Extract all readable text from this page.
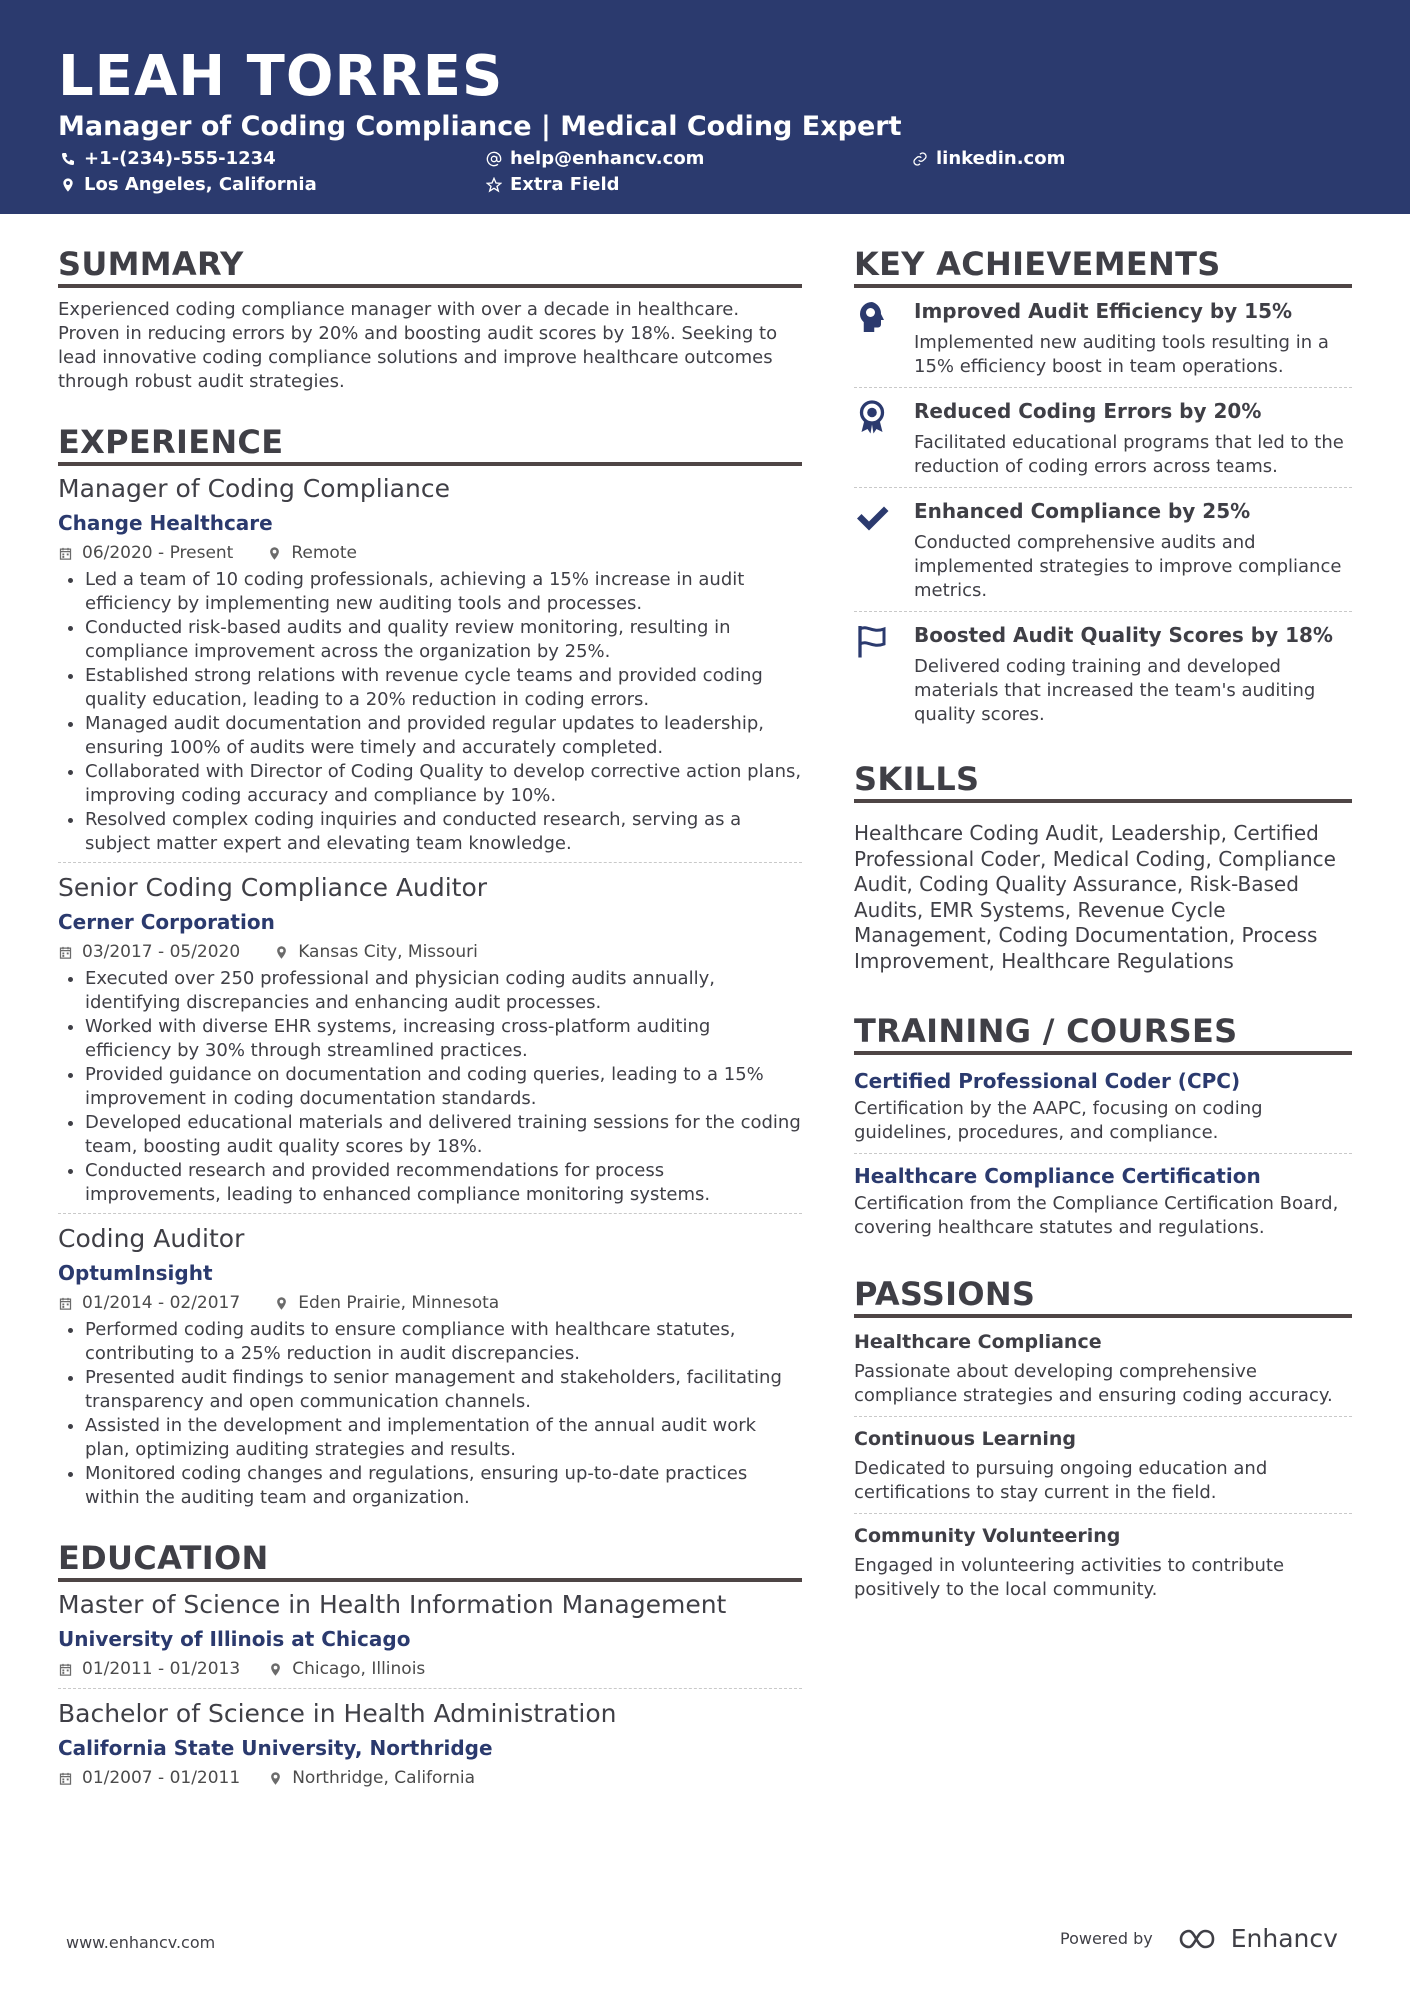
LEAH TORRES
Manager of Coding Compliance | Medical Coding Expert
+1-(234)-555-1234	help@enhancv.com	linkedin.com
Los Angeles, California	Extra Field
SUMMARY
Experienced coding compliance manager with over a decade in healthcare. Proven in reducing errors by 20% and boosting audit scores by 18%. Seeking to lead innovative coding compliance solutions and improve healthcare outcomes through robust audit strategies.
EXPERIENCE
Manager of Coding Compliance
Change Healthcare
06/2020 - Present	Remote
• Led a team of 10 coding professionals, achieving a 15% increase in audit efficiency by implementing new auditing tools and processes.
• Conducted risk-based audits and quality review monitoring, resulting in compliance improvement across the organization by 25%.
• Established strong relations with revenue cycle teams and provided coding quality education, leading to a 20% reduction in coding errors.
• Managed audit documentation and provided regular updates to leadership, ensuring 100% of audits were timely and accurately completed.
• Collaborated with Director of Coding Quality to develop corrective action plans, improving coding accuracy and compliance by 10%.
• Resolved complex coding inquiries and conducted research, serving as a subject matter expert and elevating team knowledge.
Senior Coding Compliance Auditor
Cerner Corporation
03/2017 - 05/2020	Kansas City, Missouri
• Executed over 250 professional and physician coding audits annually, identifying discrepancies and enhancing audit processes.
• Worked with diverse EHR systems, increasing cross-platform auditing efficiency by 30% through streamlined practices.
• Provided guidance on documentation and coding queries, leading to a 15% improvement in coding documentation standards.
• Developed educational materials and delivered training sessions for the coding team, boosting audit quality scores by 18%.
• Conducted research and provided recommendations for process improvements, leading to enhanced compliance monitoring systems.
Coding Auditor
OptumInsight
01/2014 - 02/2017	Eden Prairie, Minnesota
• Performed coding audits to ensure compliance with healthcare statutes, contributing to a 25% reduction in audit discrepancies.
• Presented audit findings to senior management and stakeholders, facilitating transparency and open communication channels.
• Assisted in the development and implementation of the annual audit work plan, optimizing auditing strategies and results.
• Monitored coding changes and regulations, ensuring up-to-date practices within the auditing team and organization.
EDUCATION
Master of Science in Health Information Management
University of Illinois at Chicago
01/2011 - 01/2013	Chicago, Illinois
Bachelor of Science in Health Administration
California State University, Northridge
01/2007 - 01/2011	Northridge, California
KEY ACHIEVEMENTS
Improved Audit Efficiency by 15%
Implemented new auditing tools resulting in a 15% efficiency boost in team operations.
Reduced Coding Errors by 20%
Facilitated educational programs that led to the reduction of coding errors across teams.
Enhanced Compliance by 25%
Conducted comprehensive audits and implemented strategies to improve compliance metrics.
Boosted Audit Quality Scores by 18%
Delivered coding training and developed materials that increased the team's auditing quality scores.
SKILLS
Healthcare Coding Audit, Leadership, Certified Professional Coder, Medical Coding, Compliance Audit, Coding Quality Assurance, Risk-Based Audits, EMR Systems, Revenue Cycle Management, Coding Documentation, Process Improvement, Healthcare Regulations
TRAINING / COURSES
Certified Professional Coder (CPC)
Certification by the AAPC, focusing on coding guidelines, procedures, and compliance.
Healthcare Compliance Certification
Certification from the Compliance Certification Board, covering healthcare statutes and regulations.
PASSIONS
Healthcare Compliance
Passionate about developing comprehensive compliance strategies and ensuring coding accuracy.
Continuous Learning
Dedicated to pursuing ongoing education and certifications to stay current in the field.
Community Volunteering
Engaged in volunteering activities to contribute positively to the local community.
www.enhancv.com	Powered by	Enhancv
